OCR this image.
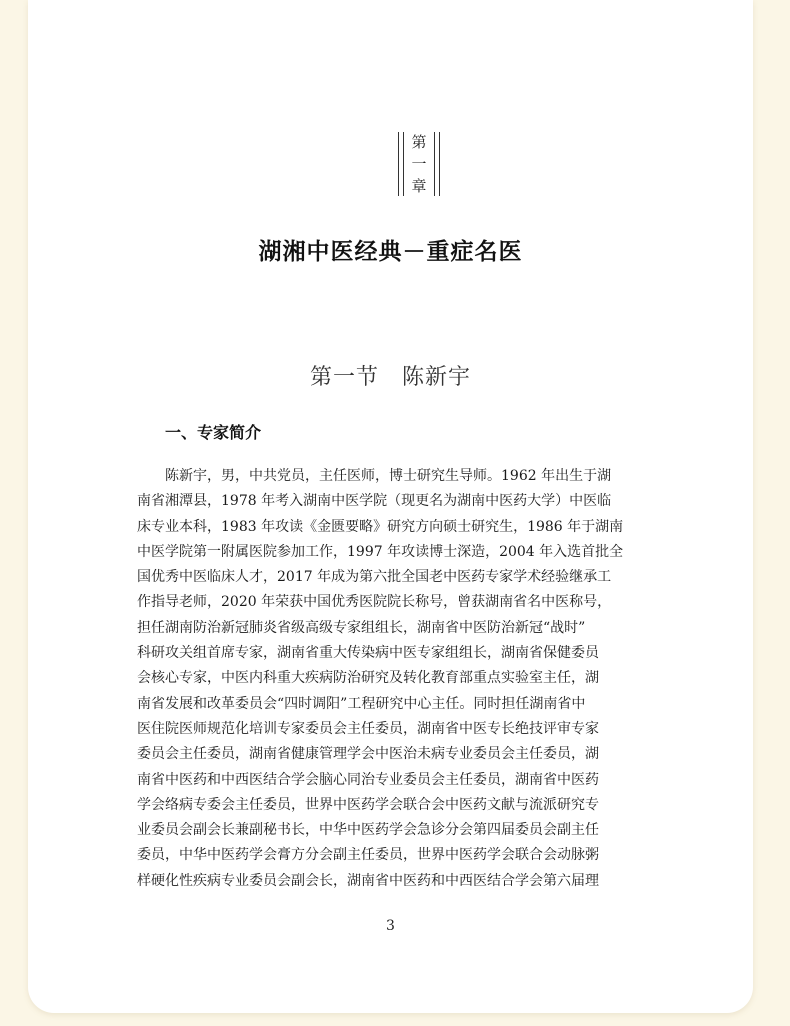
第
一
章
湖湘中医经典－重症名医
第一节　陈新宇
一、专家简介
陈新宇，男，中共党员，主任医师，博士研究生导师。1962 年出生于湖
南省湘潭县，1978 年考入湖南中医学院（现更名为湖南中医药大学）中医临
床专业本科，1983 年攻读《金匮要略》研究方向硕士研究生，1986 年于湖南
中医学院第一附属医院参加工作，1997 年攻读博士深造，2004 年入选首批全
国优秀中医临床人才，2017 年成为第六批全国老中医药专家学术经验继承工
作指导老师，2020 年荣获中国优秀医院院长称号，曾获湖南省名中医称号，
担任湖南防治新冠肺炎省级高级专家组组长，湖南省中医防治新冠“战时”
科研攻关组首席专家，湖南省重大传染病中医专家组组长，湖南省保健委员
会核心专家，中医内科重大疾病防治研究及转化教育部重点实验室主任，湖
南省发展和改革委员会“四时调阳”工程研究中心主任。同时担任湖南省中
医住院医师规范化培训专家委员会主任委员，湖南省中医专长绝技评审专家
委员会主任委员，湖南省健康管理学会中医治未病专业委员会主任委员，湖
南省中医药和中西医结合学会脑心同治专业委员会主任委员，湖南省中医药
学会络病专委会主任委员，世界中医药学会联合会中医药文献与流派研究专
业委员会副会长兼副秘书长，中华中医药学会急诊分会第四届委员会副主任
委员，中华中医药学会膏方分会副主任委员，世界中医药学会联合会动脉粥
样硬化性疾病专业委员会副会长，湖南省中医药和中西医结合学会第六届理
3
